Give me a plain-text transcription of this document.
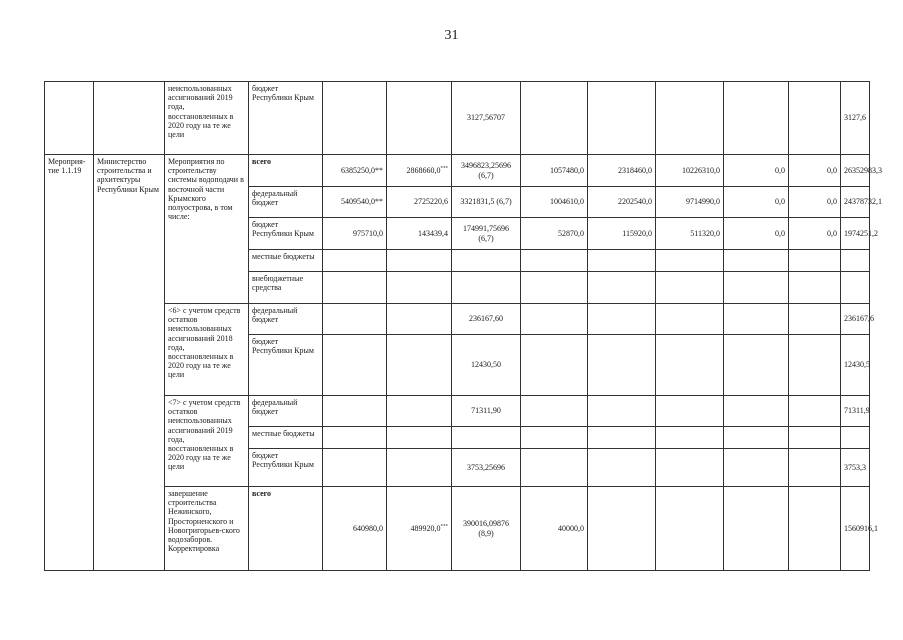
31
		неиспользованных ассигнований 2019 года, восстановленных в 2020 году на те же цели	бюджет Республики Крым			3127,56707						3127,6
Мероприя-тие 1.1.19	Министерство строительства и архитектуры Республики Крым	Мероприятия по строительству системы водоподачи в восточной части Крымского полуострова, в том числе:	всего	6385250,0**	2868660,0***	3496823,25696 (6,7)	1057480,0	2318460,0	10226310,0	0,0	0,0	26352983,3
			федеральный бюджет	5409540,0**	2725220,6	3321831,5 (6,7)	1004610,0	2202540,0	9714990,0	0,0	0,0	24378732,1
			бюджет Республики Крым	975710,0	143439,4	174991,75696 (6,7)	52870,0	115920,0	511320,0	0,0	0,0	1974251,2
			местные бюджеты									
			внебюджетные средства									
		<6> с учетом средств остатков неиспользованных ассигнований 2018 года, восстановленных в 2020 году на те же цели	федеральный бюджет			236167,60						236167,6
			бюджет Республики Крым			12430,50						12430,5
		<7> с учетом средств остатков неиспользованных ассигнований 2019 года, восстановленных в 2020 году на те же цели	федеральный бюджет			71311,90						71311,9
			местные бюджеты									
			бюджет Республики Крым			3753,25696						3753,3
		завершение строительства Нежинского, Просторненского и Новогригорьев-ского водозаборов. Корректировка	всего	640980,0	489920,0***	390016,09876 (8,9)	40000,0					1560916,1
